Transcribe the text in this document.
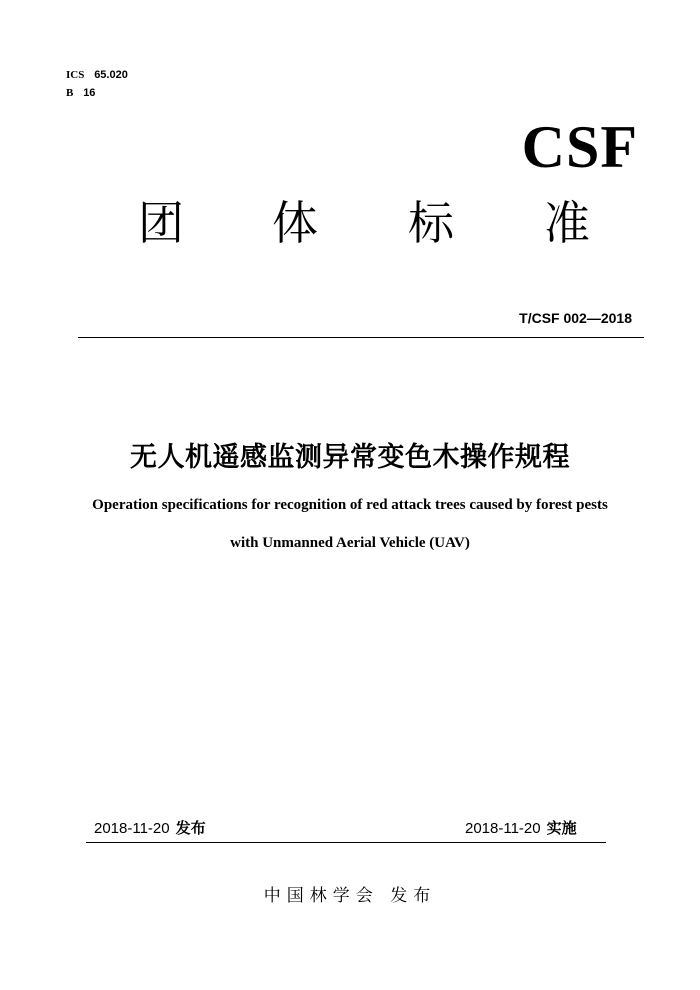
ICS 65.020
B 16
CSF
团 体 标 准
T/CSF 002—2018
无人机遥感监测异常变色木操作规程
Operation specifications for recognition of red attack trees caused by forest pests
with Unmanned Aerial Vehicle (UAV)
2018-11-20 发布	2018-11-20 实施
中国林学会 发布
